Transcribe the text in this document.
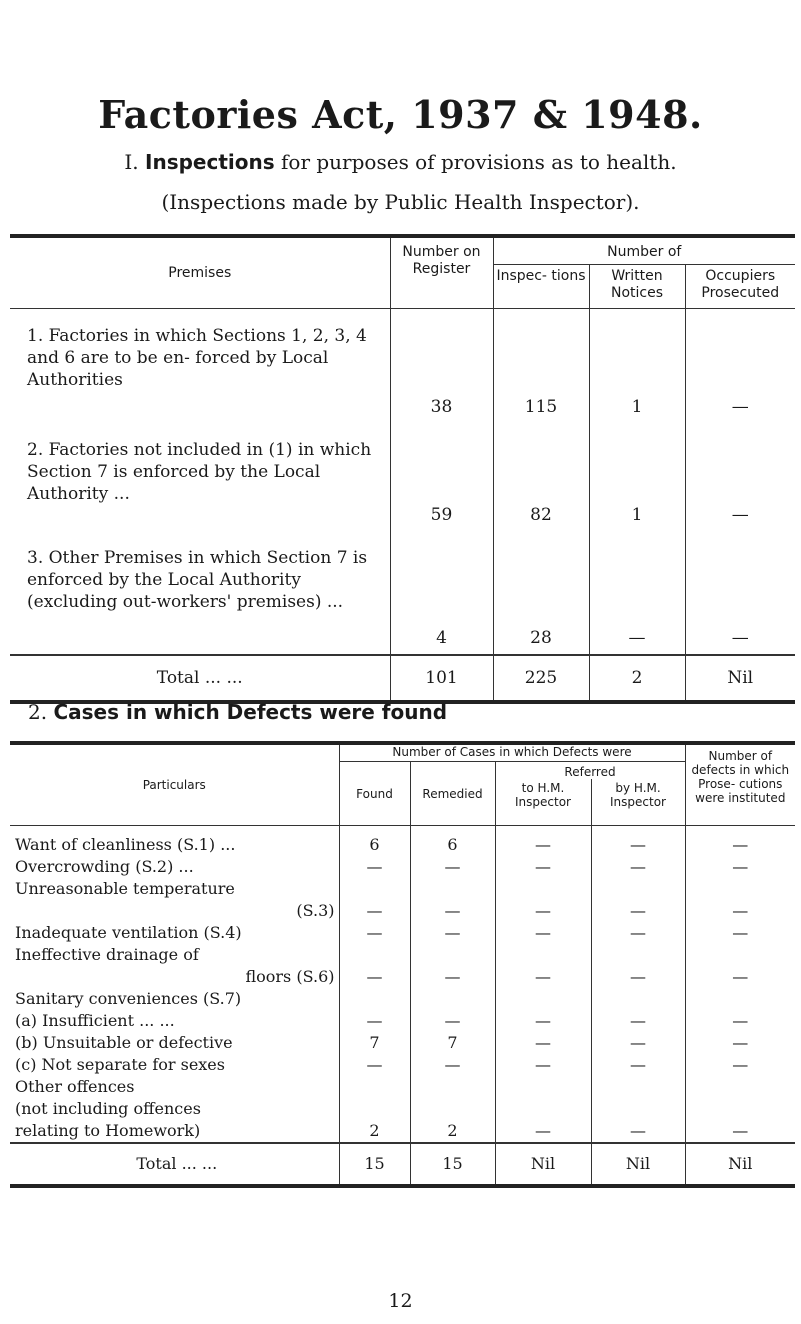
Factories Act, 1937 & 1948.
I. Inspections for purposes of provisions as to health.
(Inspections made by Public Health Inspector).
Premises	Number on Register	Number of		
		Inspec- tions	Written Notices	Occupiers Prosecuted
1. Factories in which Sections 1, 2, 3, 4 and 6 are to be en- forced by Local Authorities	38	115	1	—
2. Factories not included in (1) in which Section 7 is enforced by the Local Authority ...	59	82	1	—
3. Other Premises in which Section 7 is enforced by the Local Authority (excluding out-workers' premises) ...	4	28	—	—
Total ... ...	101	225	2	Nil
2. Cases in which Defects were found
Particulars	Number of Cases in which Defects were				Number of defects in which Prose- cutions were instituted
	Found	Remedied	Referred		
			to H.M. Inspector	by H.M. Inspector	
Want of cleanliness (S.1) ...	6	6	—	—	—
Overcrowding (S.2) ...	—	—	—	—	—
Unreasonable temperature					
(S.3)	—	—	—	—	—
Inadequate ventilation (S.4)	—	—	—	—	—
Ineffective drainage of					
floors (S.6)	—	—	—	—	—
Sanitary conveniences (S.7)					
(a) Insufficient ... ...	—	—	—	—	—
(b) Unsuitable or defective	7	7	—	—	—
(c) Not separate for sexes	—	—	—	—	—
Other offences					
(not including offences					
relating to Homework)	2	2	—	—	—
Total ... ...	15	15	Nil	Nil	Nil
12
